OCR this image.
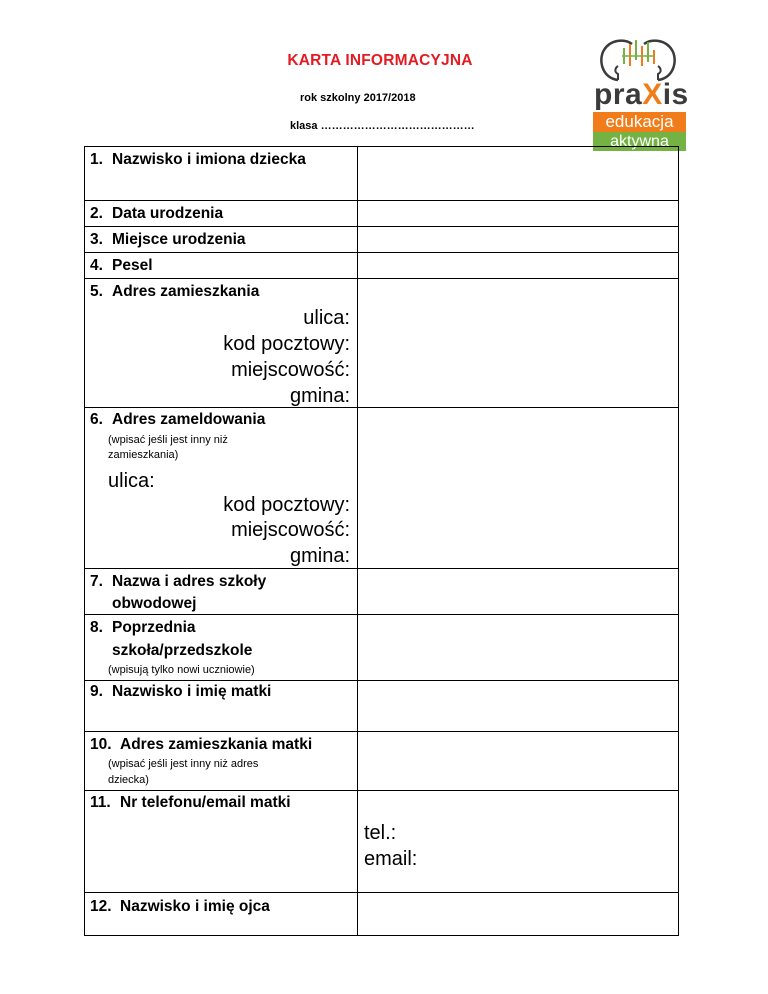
KARTA INFORMACYJNA
rok szkolny 2017/2018
klasa ……………………………………
praXis
edukacja
aktywna
1. Nazwisko i imiona dziecka
2. Data urodzenia
3. Miejsce urodzenia
4. Pesel
5. Adres zamieszkania
ulica:
kod pocztowy:
miejscowość:
gmina:
6. Adres zameldowania
(wpisać jeśli jest inny niż
zamieszkania)
ulica:
kod pocztowy:
miejscowość:
gmina:
7. Nazwa i adres szkoły
obwodowej
8. Poprzednia
szkoła/przedszkole
(wpisują tylko nowi uczniowie)
9. Nazwisko i imię matki
10. Adres zamieszkania matki
(wpisać jeśli jest inny niż adres
dziecka)
11. Nr telefonu/email matki
tel.:
email:
12. Nazwisko i imię ojca
